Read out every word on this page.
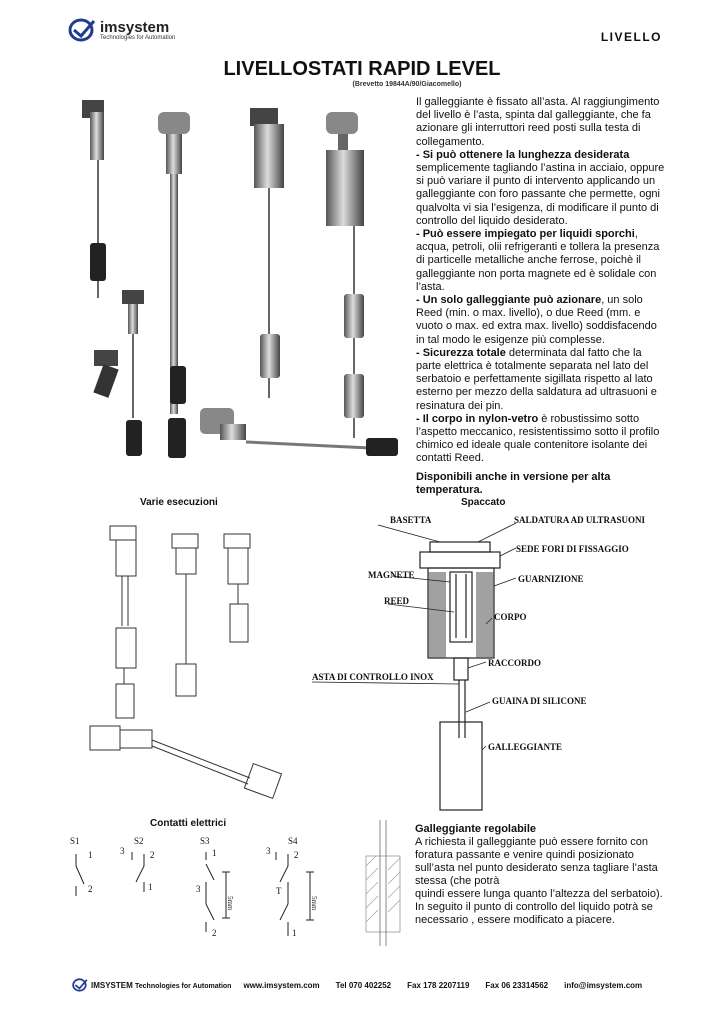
imsystem
Technologies for Automation	LIVELLO
LIVELLOSTATI RAPID LEVEL
(Brevetto 19844A/90/Giacomello)

Il galleggiante è fissato all’asta. Al raggiungimento del livello è l’asta, spinta dal galleggiante, che fa azionare gli interruttori reed posti sulla testa di collegamento.

- Si può ottenere la lunghezza desiderata semplicemente tagliando l’astina in acciaio, oppure si può variare il punto di intervento applicando un galleggiante con foro passante che permette, ogni qualvolta vi sia l’esigenza, di modificare il punto di controllo del liquido desiderato.

- Può essere impiegato per liquidi sporchi, acqua, petroli, olii refrigeranti e tollera la presenza di particelle metalliche anche ferrose, poichè il galleggiante non porta magnete ed è solidale con l’asta.

- Un solo galleggiante può azionare, un solo Reed (min. o max. livello), o due Reed (mm. e vuoto o max. ed extra max. livello) soddisfacendo in tal modo le esigenze più complesse.

- Sicurezza totale determinata dal fatto che la parte elettrica è totalmente separata nel lato del serbatoio e perfettamente sigillata rispetto al lato esterno per mezzo della saldatura ad ultrasuoni e resinatura dei pin.

- Il corpo in nylon-vetro è robustissimo sotto l’aspetto meccanico, resistentissimo sotto il profilo chimico ed ideale quale contenitore isolante dei contatti Reed.

Disponibili anche in versione per alta temperatura.

Varie esecuzioni	Spaccato
Contatti elettrici
BASETTA	SALDATURA AD ULTRASUONI
SEDE FORI DI FISSAGGIO
MAGNETE	GUARNIZIONE
REED
CORPO
RACCORDO
ASTA DI CONTROLLO INOX
GUAINA DI SILICONE
GALLEGGIANTE
S1
1
2
S2
3	2
1
S3
1
3
2
5mm
S4
3	2
T
1
5mm

Galleggiante regolabile

A richiesta il galleggiante può essere fornito con foratura passante e venire quindi posizionato sull’asta nel punto desiderato senza tagliare l’asta stessa (che potrà

quindi essere lunga quanto l’altezza del serbatoio). In seguito il punto di controllo del liquido potrà se necessario , essere modificato a piacere.

IMSYSTEM Technologies for Automation www.imsystem.com Tel 070 402252 Fax 178 2207119 Fax 06 23314562 info@imsystem.com
